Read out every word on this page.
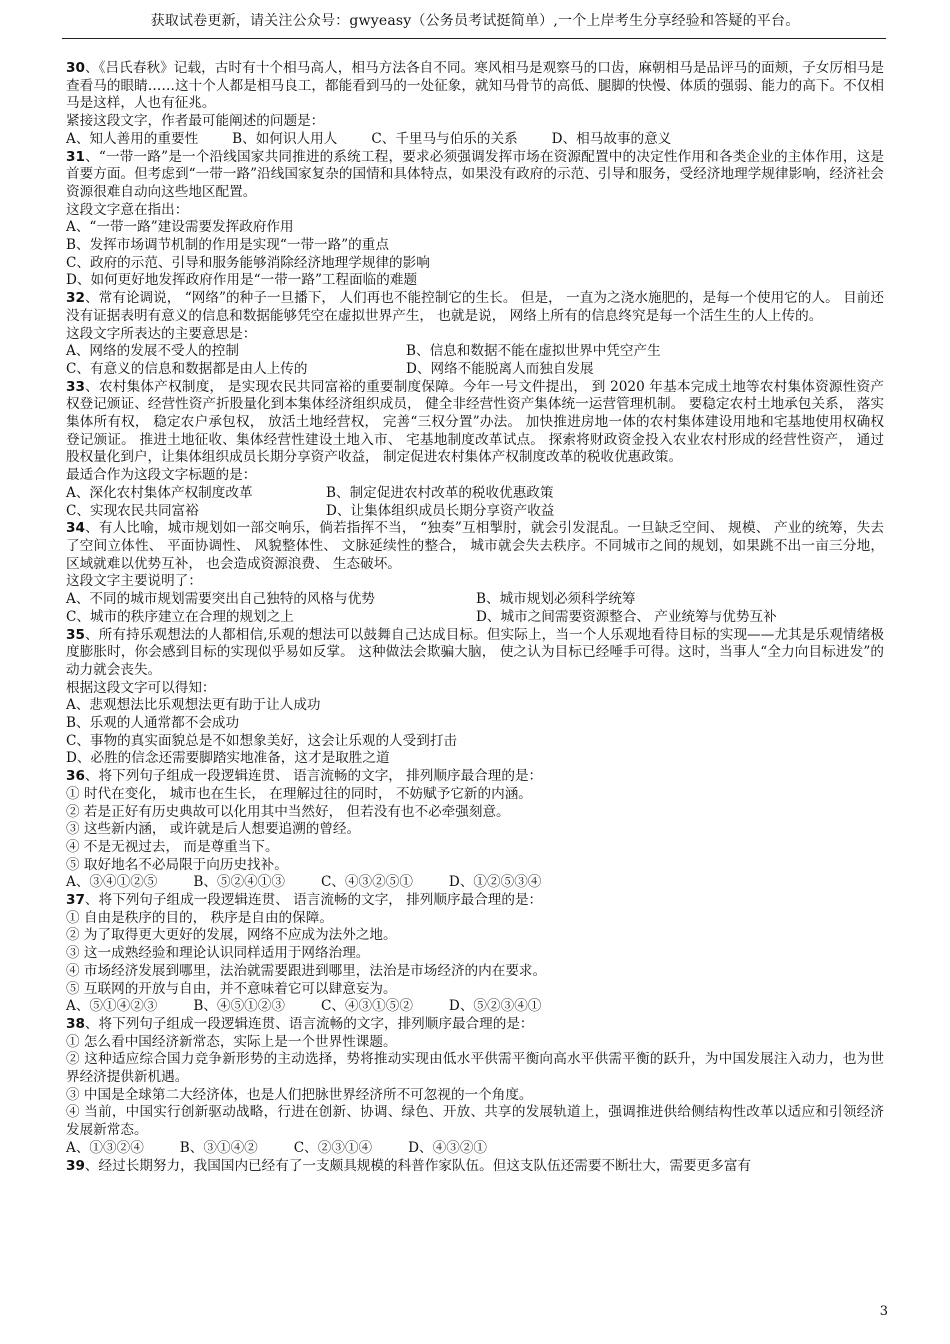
获取试卷更新，请关注公众号：gwyeasy（公务员考试挺简单）,一个上岸考生分享经验和答疑的平台。

30、《吕氏春秋》记载，古时有十个相马高人，相马方法各自不同。寒风相马是观察马的口齿，麻朝相马是品评马的面颊，子女厉相马是查看马的眼睛……这十个人都是相马良工，都能看到马的一处征象，就知马骨节的高低、腿脚的快慢、体质的强弱、能力的高下。不仅相马是这样，人也有征兆。

紧接这段文字，作者最可能阐述的问题是：

A、知人善用的重要性	B、如何识人用人	C、千里马与伯乐的关系	D、相马故事的意义

31、“一带一路”是一个沿线国家共同推进的系统工程，要求必须强调发挥市场在资源配置中的决定性作用和各类企业的主体作用，这是首要方面。但考虑到“一带一路”沿线国家复杂的国情和具体特点，如果没有政府的示范、引导和服务，受经济地理学规律影响，经济社会资源很难自动向这些地区配置。

这段文字意在指出：

A、“一带一路”建设需要发挥政府作用

B、发挥市场调节机制的作用是实现“一带一路”的重点

C、政府的示范、引导和服务能够消除经济地理学规律的影响

D、如何更好地发挥政府作用是“一带一路”工程面临的难题

32、常有论调说， “网络”的种子一旦播下， 人们再也不能控制它的生长。 但是， 一直为之浇水施肥的，是每一个使用它的人。 目前还没有证据表明有意义的信息和数据能够凭空在虚拟世界产生， 也就是说， 网络上所有的信息终究是每一个活生生的人上传的。

这段文字所表达的主要意思是：

A、网络的发展不受人的控制	B、信息和数据不能在虚拟世界中凭空产生
C、有意义的信息和数据都是由人上传的	D、网络不能脱离人而独自发展

33、农村集体产权制度， 是实现农民共同富裕的重要制度保障。今年一号文件提出， 到 2020 年基本完成土地等农村集体资源性资产权登记颁证、经营性资产折股量化到本集体经济组织成员， 健全非经营性资产集体统一运营管理机制。 要稳定农村土地承包关系， 落实集体所有权， 稳定农户承包权， 放活土地经营权， 完善“三权分置”办法。 加快推进房地一体的农村集体建设用地和宅基地使用权确权登记颁证。 推进土地征收、集体经营性建设土地入市、 宅基地制度改革试点。 探索将财政资金投入农业农村形成的经营性资产， 通过股权量化到户，让集体组织成员长期分享资产收益， 制定促进农村集体产权制度改革的税收优惠政策。

最适合作为这段文字标题的是：

A、深化农村集体产权制度改革	B、制定促进农村改革的税收优惠政策
C、实现农民共同富裕	D、让集体组织成员长期分享资产收益

34、有人比喻，城市规划如一部交响乐，倘若指挥不当， “独奏”互相掣肘，就会引发混乱。一旦缺乏空间、 规模、 产业的统筹，失去了空间立体性、 平面协调性、 风貌整体性、 文脉延续性的整合， 城市就会失去秩序。不同城市之间的规划，如果跳不出一亩三分地， 区域就难以优势互补， 也会造成资源浪费、 生态破坏。

这段文字主要说明了：

A、不同的城市规划需要突出自己独特的风格与优势	B、城市规划必须科学统筹
C、城市的秩序建立在合理的规划之上	D、城市之间需要资源整合、 产业统筹与优势互补

35、所有持乐观想法的人都相信,乐观的想法可以鼓舞自己达成目标。但实际上，当一个人乐观地看待目标的实现——尤其是乐观情绪极度膨胀时，你会感到目标的实现似乎易如反掌。 这种做法会欺骗大脑， 使之认为目标已经唾手可得。这时，当事人“全力向目标进发”的动力就会丧失。

根据这段文字可以得知：

A、悲观想法比乐观想法更有助于让人成功

B、乐观的人通常都不会成功

C、事物的真实面貌总是不如想象美好，这会让乐观的人受到打击

D、必胜的信念还需要脚踏实地准备，这才是取胜之道

36、将下列句子组成一段逻辑连贯、 语言流畅的文字， 排列顺序最合理的是：

① 时代在变化， 城市也在生长， 在理解过往的同时， 不妨赋予它新的内涵。

② 若是正好有历史典故可以化用其中当然好， 但若没有也不必牵强刻意。

③ 这些新内涵， 或许就是后人想要追溯的曾经。

④ 不是无视过去， 而是尊重当下。

⑤ 取好地名不必局限于向历史找补。

A、③④①②⑤	B、⑤②④①③	C、④③②⑤①	D、①②⑤③④

37、将下列句子组成一段逻辑连贯、 语言流畅的文字， 排列顺序最合理的是：

① 自由是秩序的目的， 秩序是自由的保障。

② 为了取得更大更好的发展，网络不应成为法外之地。

③ 这一成熟经验和理论认识同样适用于网络治理。

④ 市场经济发展到哪里，法治就需要跟进到哪里，法治是市场经济的内在要求。

⑤ 互联网的开放与自由，并不意味着它可以肆意妄为。

A、⑤①④②③	B、④⑤①②③	C、④③①⑤②	D、⑤②③④①

38、将下列句子组成一段逻辑连贯、语言流畅的文字，排列顺序最合理的是：

① 怎么看中国经济新常态，实际上是一个世界性课题。

② 这种适应综合国力竞争新形势的主动选择，势将推动实现由低水平供需平衡向高水平供需平衡的跃升，为中国发展注入动力，也为世界经济提供新机遇。

③ 中国是全球第二大经济体，也是人们把脉世界经济所不可忽视的一个角度。

④ 当前，中国实行创新驱动战略，行进在创新、协调、绿色、开放、共享的发展轨道上，强调推进供给侧结构性改革以适应和引领经济发展新常态。

A、①③②④	B、③①④②	C、②③①④	D、④③②①

39、经过长期努力，我国国内已经有了一支颇具规模的科普作家队伍。但这支队伍还需要不断壮大，需要更多富有

3
